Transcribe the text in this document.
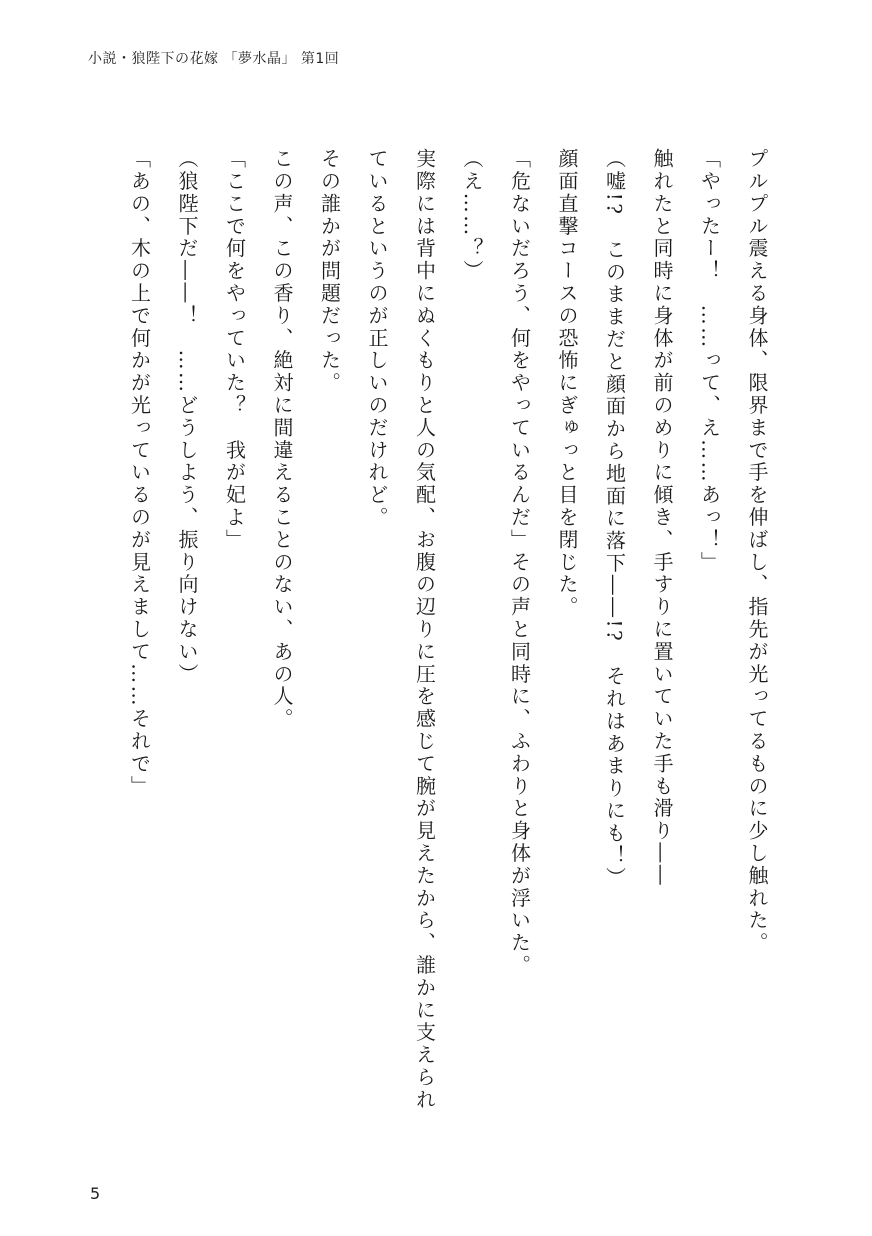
小説・狼陛下の花嫁 「夢水晶」 第1回

プルプル震える身体、限界まで手を伸ばし、指先が光ってるものに少し触れた。

「やったー！　……って、え……あっ！」

触れたと同時に身体が前のめりに傾き、手すりに置いていた手も滑り――

（嘘!?　このままだと顔面から地面に落下――!?　それはあまりにも！）

顔面直撃コースの恐怖にぎゅっと目を閉じた。

「危ないだろう、何をやっているんだ」その声と同時に、ふわりと身体が浮いた。

（え……？）

実際には背中にぬくもりと人の気配、お腹の辺りに圧を感じて腕が見えたから、誰かに支えられ

ているというのが正しいのだけれど。

その誰かが問題だった。

この声、この香り、絶対に間違えることのない、あの人。

「ここで何をやっていた？　我が妃よ」

（狼陛下だ――！　……どうしよう、振り向けない）

「あの、木の上で何かが光っているのが見えまして……それで」

5
